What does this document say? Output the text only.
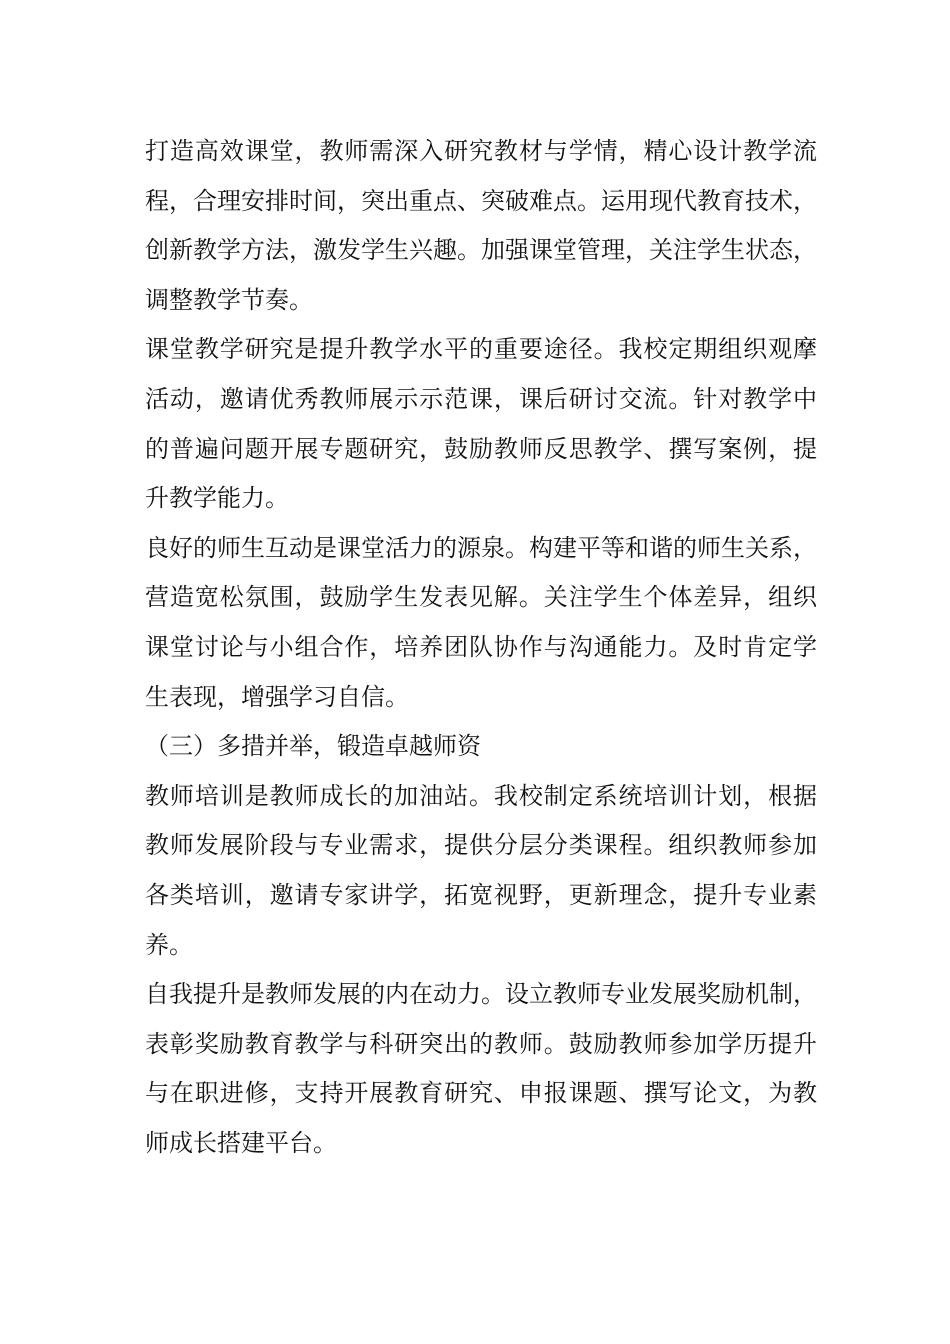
打造高效课堂，教师需深入研究教材与学情，精心设计教学流
程，合理安排时间，突出重点、突破难点。运用现代教育技术，
创新教学方法，激发学生兴趣。加强课堂管理，关注学生状态，
调整教学节奏。
课堂教学研究是提升教学水平的重要途径。我校定期组织观摩
活动，邀请优秀教师展示示范课，课后研讨交流。针对教学中
的普遍问题开展专题研究，鼓励教师反思教学、撰写案例，提
升教学能力。
良好的师生互动是课堂活力的源泉。构建平等和谐的师生关系，
营造宽松氛围，鼓励学生发表见解。关注学生个体差异，组织
课堂讨论与小组合作，培养团队协作与沟通能力。及时肯定学
生表现，增强学习自信。
（三）多措并举，锻造卓越师资
教师培训是教师成长的加油站。我校制定系统培训计划，根据
教师发展阶段与专业需求，提供分层分类课程。组织教师参加
各类培训，邀请专家讲学，拓宽视野，更新理念，提升专业素
养。
自我提升是教师发展的内在动力。设立教师专业发展奖励机制，
表彰奖励教育教学与科研突出的教师。鼓励教师参加学历提升
与在职进修，支持开展教育研究、申报课题、撰写论文，为教
师成长搭建平台。
